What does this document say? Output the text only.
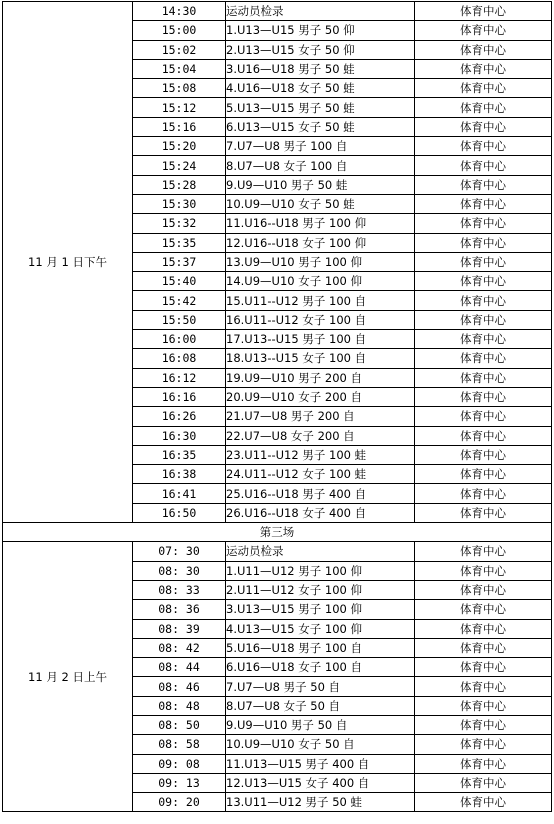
11 月 1 日下午	14:30	运动员检录	体育中心
	15:00	1.U13—U15 男子 50 仰	体育中心
	15:02	2.U13—U15 女子 50 仰	体育中心
	15:04	3.U16—U18 男子 50 蛙	体育中心
	15:08	4.U16—U18 女子 50 蛙	体育中心
	15:12	5.U13—U15 男子 50 蛙	体育中心
	15:16	6.U13—U15 女子 50 蛙	体育中心
	15:20	7.U7—U8 男子 100 自	体育中心
	15:24	8.U7—U8 女子 100 自	体育中心
	15:28	9.U9—U10 男子 50 蛙	体育中心
	15:30	10.U9—U10 女子 50 蛙	体育中心
	15:32	11.U16--U18 男子 100 仰	体育中心
	15:35	12.U16--U18 女子 100 仰	体育中心
	15:37	13.U9—U10 男子 100 仰	体育中心
	15:40	14.U9—U10 女子 100 仰	体育中心
	15:42	15.U11--U12 男子 100 自	体育中心
	15:50	16.U11--U12 女子 100 自	体育中心
	16:00	17.U13--U15 男子 100 自	体育中心
	16:08	18.U13--U15 女子 100 自	体育中心
	16:12	19.U9—U10 男子 200 自	体育中心
	16:16	20.U9—U10 女子 200 自	体育中心
	16:26	21.U7—U8 男子 200 自	体育中心
	16:30	22.U7—U8 女子 200 自	体育中心
	16:35	23.U11--U12 男子 100 蛙	体育中心
	16:38	24.U11--U12 女子 100 蛙	体育中心
	16:41	25.U16--U18 男子 400 自	体育中心
	16:50	26.U16--U18 女子 400 自	体育中心
第三场			
11 月 2 日上午	07: 30	运动员检录	体育中心
	08: 30	1.U11—U12 男子 100 仰	体育中心
	08: 33	2.U11—U12 女子 100 仰	体育中心
	08: 36	3.U13—U15 男子 100 仰	体育中心
	08: 39	4.U13—U15 女子 100 仰	体育中心
	08: 42	5.U16—U18 男子 100 自	体育中心
	08: 44	6.U16—U18 女子 100 自	体育中心
	08: 46	7.U7—U8 男子 50 自	体育中心
	08: 48	8.U7—U8 女子 50 自	体育中心
	08: 50	9.U9—U10 男子 50 自	体育中心
	08: 58	10.U9—U10 女子 50 自	体育中心
	09: 08	11.U13—U15 男子 400 自	体育中心
	09: 13	12.U13—U15 女子 400 自	体育中心
	09: 20	13.U11—U12 男子 50 蛙	体育中心
